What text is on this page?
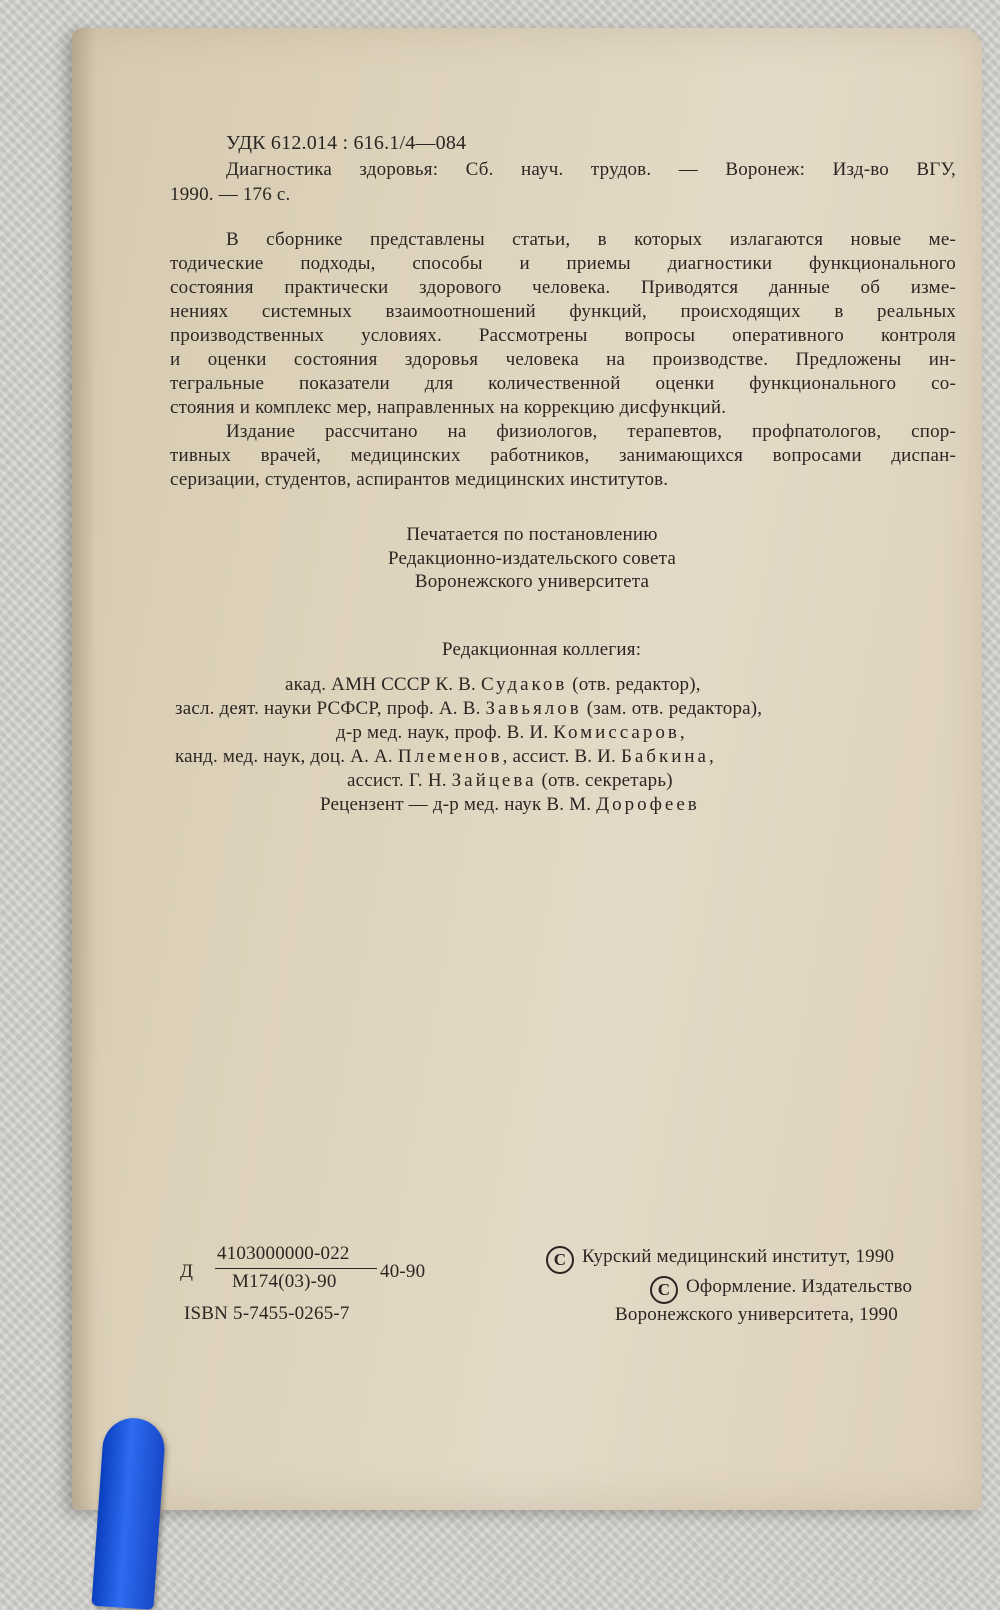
УДК 612.014 : 616.1/4—084
Диагностика здоровья: Сб. науч. трудов. — Воронеж: Изд-во ВГУ,
1990. — 176 с.
В сборнике представлены статьи, в которых излагаются новые ме-
тодические подходы, способы и приемы диагностики функционального
состояния практически здорового человека. Приводятся данные об изме-
нениях системных взаимоотношений функций, происходящих в реальных
производственных условиях. Рассмотрены вопросы оперативного контроля
и оценки состояния здоровья человека на производстве. Предложены ин-
тегральные показатели для количественной оценки функционального со-
стояния и комплекс мер, направленных на коррекцию дисфункций.
Издание рассчитано на физиологов, терапевтов, профпатологов, спор-
тивных врачей, медицинских работников, занимающихся вопросами диспан-
серизации, студентов, аспирантов медицинских институтов.
Печатается по постановлению
Редакционно-издательского совета
Воронежского университета
Редакционная коллегия:
акад. АМН СССР К. В. Судаков (отв. редактор),
засл. деят. науки РСФСР, проф. А. В. Завьялов (зам. отв. редактора),
д-р мед. наук, проф. В. И. Комиссаров,
канд. мед. наук, доц. А. А. Племенов, ассист. В. И. Бабкина,
ассист. Г. Н. Зайцева (отв. секретарь)
Рецензент — д-р мед. наук В. М. Дорофеев
Д
4103000000-022
М174(03)-90 40-90
ISBN 5-7455-0265-7
C Курский медицинский институт, 1990
C Оформление. Издательство
Воронежского университета, 1990
